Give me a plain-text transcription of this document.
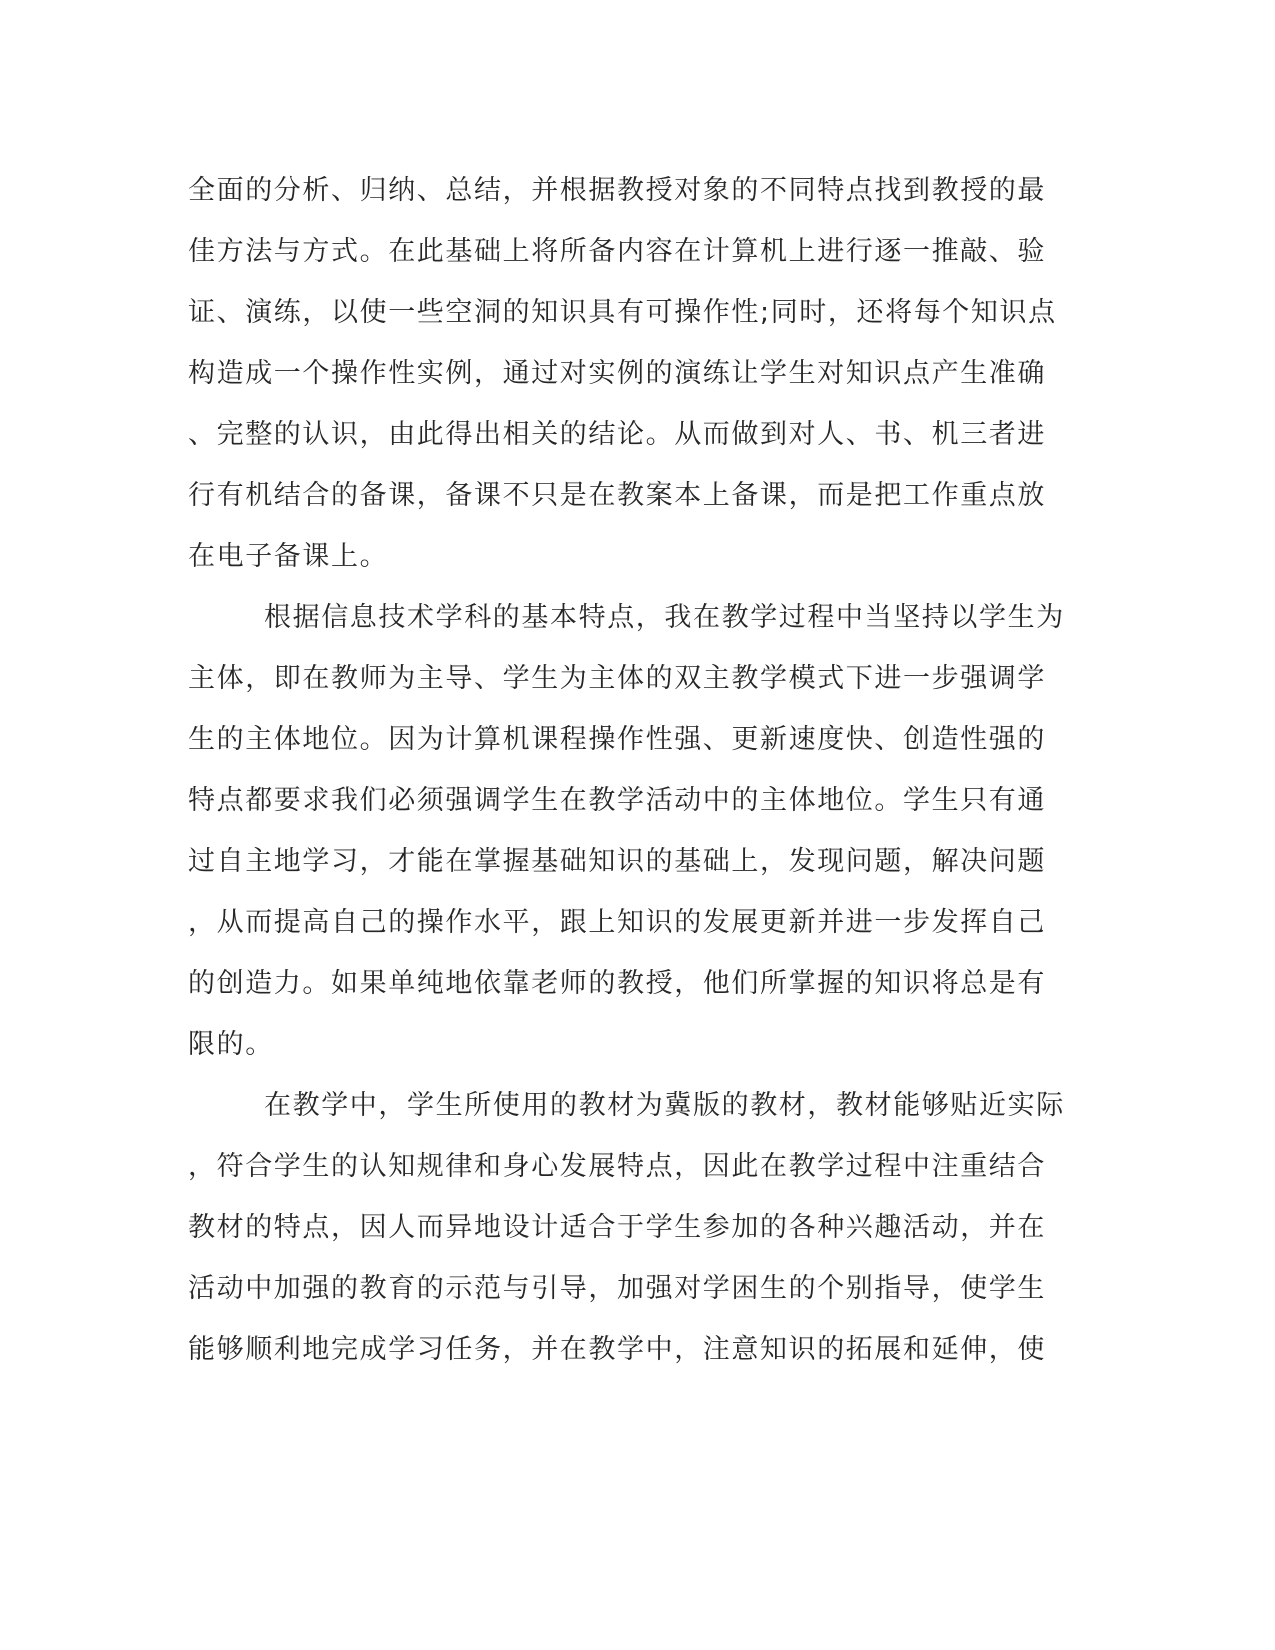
全面的分析、归纳、总结，并根据教授对象的不同特点找到教授的最
佳方法与方式。在此基础上将所备内容在计算机上进行逐一推敲、验
证、演练，以使一些空洞的知识具有可操作性;同时，还将每个知识点
构造成一个操作性实例，通过对实例的演练让学生对知识点产生准确
、完整的认识，由此得出相关的结论。从而做到对人、书、机三者进
行有机结合的备课，备课不只是在教案本上备课，而是把工作重点放
在电子备课上。
根据信息技术学科的基本特点，我在教学过程中当坚持以学生为
主体，即在教师为主导、学生为主体的双主教学模式下进一步强调学
生的主体地位。因为计算机课程操作性强、更新速度快、创造性强的
特点都要求我们必须强调学生在教学活动中的主体地位。学生只有通
过自主地学习，才能在掌握基础知识的基础上，发现问题，解决问题
，从而提高自己的操作水平，跟上知识的发展更新并进一步发挥自己
的创造力。如果单纯地依靠老师的教授，他们所掌握的知识将总是有
限的。
在教学中，学生所使用的教材为冀版的教材，教材能够贴近实际
，符合学生的认知规律和身心发展特点，因此在教学过程中注重结合
教材的特点，因人而异地设计适合于学生参加的各种兴趣活动，并在
活动中加强的教育的示范与引导，加强对学困生的个别指导，使学生
能够顺利地完成学习任务，并在教学中，注意知识的拓展和延伸，使
